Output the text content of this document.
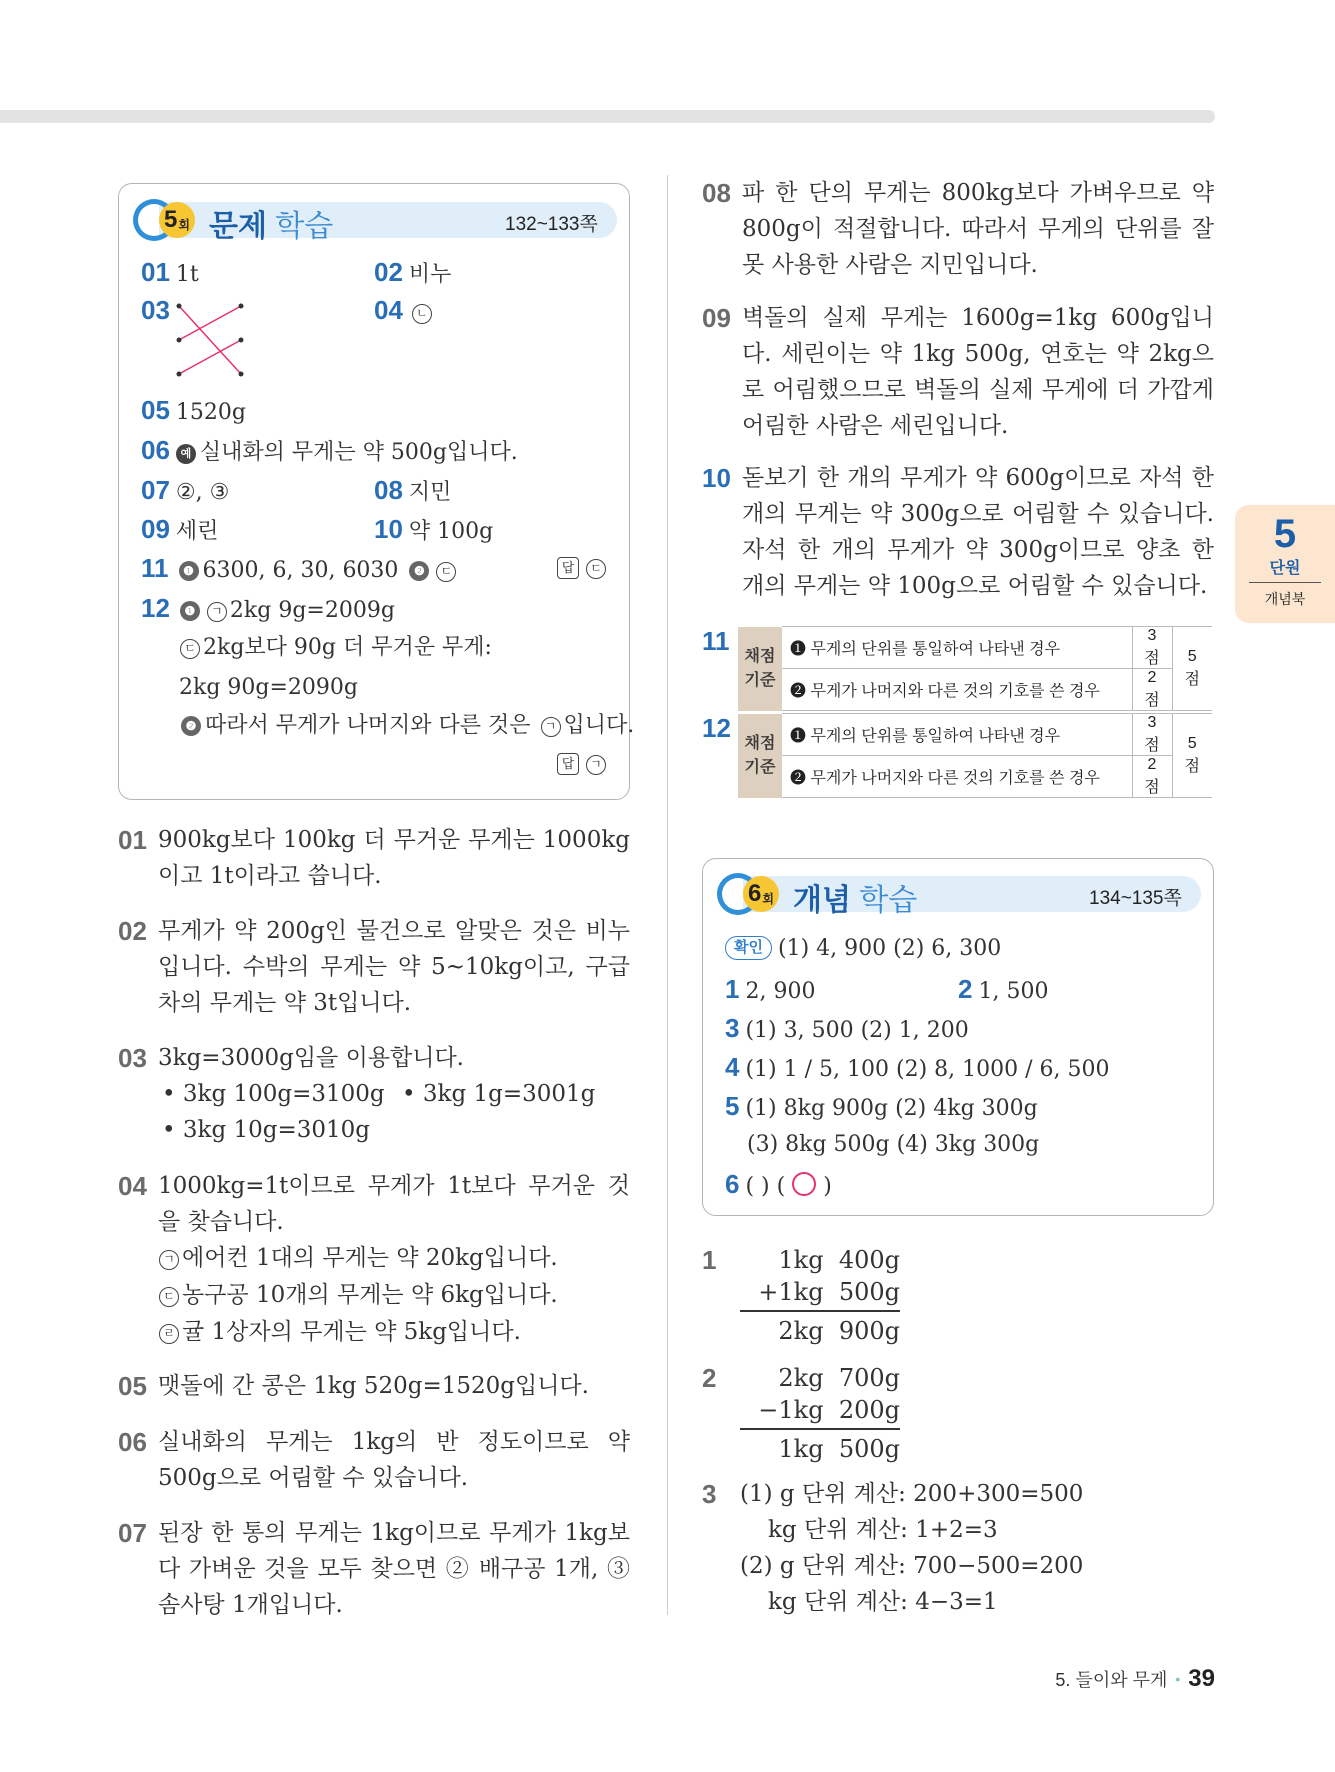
5 회 문제 학습	132~133쪽
01 1t	02 비누
03	04 ㄴ
05 1520g
06 예 실내화의 무게는 약 500g입니다.
07 ②, ③	08 지민
09 세린	10 약 100g
11 ❶ 6300, 6, 30, 6030 ❷ ㄷ	답 ㄷ
12 ❶ ㄱ 2kg 9g=2009g
ㄷ 2kg보다 90g 더 무거운 무게:
2kg 90g=2090g
❷ 따라서 무게가 나머지와 다른 것은 ㄱ 입니다.
답 ㄱ
01 900kg보다 100kg 더 무거운 무게는 1000kg이고 1t이라고 씁니다.
02 무게가 약 200g인 물건으로 알맞은 것은 비누입니다. 수박의 무게는 약 5~10kg이고, 구급차의 무게는 약 3t입니다.
03 3kg=3000g임을 이용합니다.
• 3kg 100g=3100g • 3kg 1g=3001g
• 3kg 10g=3010g
04 1000kg=1t이므로 무게가 1t보다 무거운 것을 찾습니다.
ㄱ 에어컨 1대의 무게는 약 20kg입니다.
ㄷ 농구공 10개의 무게는 약 6kg입니다.
ㄹ 귤 1상자의 무게는 약 5kg입니다.
05 맷돌에 간 콩은 1kg 520g=1520g입니다.
06 실내화의 무게는 1kg의 반 정도이므로 약 500g으로 어림할 수 있습니다.
07 된장 한 통의 무게는 1kg이므로 무게가 1kg보다 가벼운 것을 모두 찾으면 ② 배구공 1개, ③ 솜사탕 1개입니다.
08 파 한 단의 무게는 800kg보다 가벼우므로 약 800g이 적절합니다. 따라서 무게의 단위를 잘못 사용한 사람은 지민입니다.
09 벽돌의 실제 무게는 1600g=1kg 600g입니다. 세린이는 약 1kg 500g, 연호는 약 2kg으로 어림했으므로 벽돌의 실제 무게에 더 가깝게 어림한 사람은 세린입니다.
10 돋보기 한 개의 무게가 약 600g이므로 자석 한 개의 무게는 약 300g으로 어림할 수 있습니다. 자석 한 개의 무게가 약 300g이므로 양초 한 개의 무게는 약 100g으로 어림할 수 있습니다.
11 채점 기준	❶ 무게의 단위를 통일하여 나타낸 경우	3점	5점
	❷ 무게가 나머지와 다른 것의 기호를 쓴 경우	2점	
12 채점 기준	❶ 무게의 단위를 통일하여 나타낸 경우	3점	5점
	❷ 무게가 나머지와 다른 것의 기호를 쓴 경우	2점	
6 회 개념 학습	134~135쪽
확인 (1) 4, 900 (2) 6, 300
1 2, 900	2 1, 500
3 (1) 3, 500 (2) 1, 200
4 (1) 1 / 5, 100 (2) 8, 1000 / 6, 500
5 (1) 8kg 900g (2) 4kg 300g
(3) 8kg 500g (4) 3kg 300g
6 ( ) ( ○ )
1	1kg  400g
+1kg  500g
2kg  900g
2	2kg  700g
−1kg  200g
1kg  500g
3 (1) g 단위 계산: 200+300=500
kg 단위 계산: 1+2=3
(2) g 단위 계산: 700−500=200
kg 단위 계산: 4−3=1
5
단원
개념북
5. 들이와 무게 • 39
